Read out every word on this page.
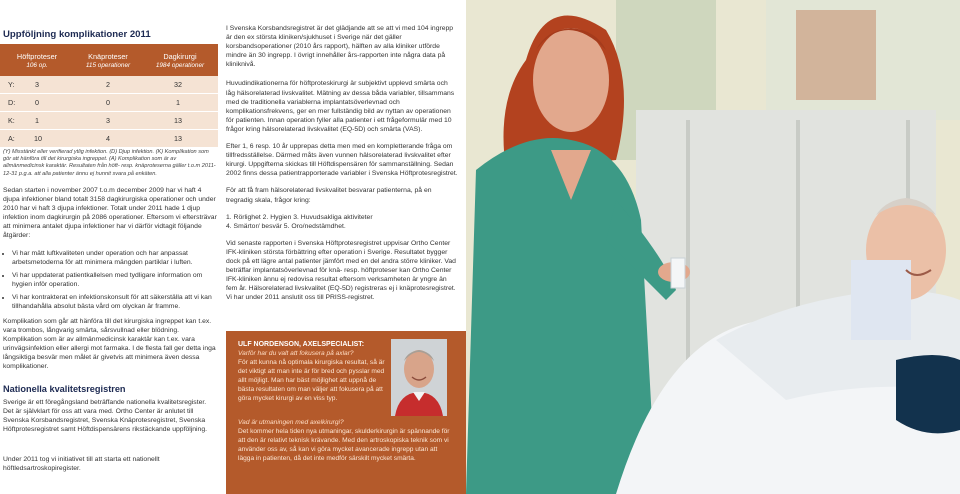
Uppföljning komplikationer 2011
Höftproteser
106 op.
Knäproteser
115 operationer
Dagkirurgi
1984 operationer
Y:	3	2	32
D:	0	0	1
K:	1	3	13
A:	10	4	13
(Y) Misstänkt eller verifierad ytlig infektion. (D) Djup infektion. (K) Komplikation som gör att hänföra till det kirurgiska ingreppet. (A) Komplikation som är av allmänmedicinsk karaktär. Resultaten från höft- resp. knäproteserna gäller t.o.m 2011-12-31 p.g.a. att alla patienter ännu ej hunnit svara på enkäten.
Sedan starten i november 2007 t.o.m december 2009 har vi haft 4 djupa infektioner bland totalt 3158 dagkirurgiska operationer och under 2010 har vi haft 3 djupa infektioner. Totalt under 2011 hade 1 djup infektion inom dagkirurgin på 2086 operationer. Eftersom vi eftersträvar att minimera antalet djupa infektioner har vi därför vidtagit följande åtgärder:
• Vi har mätt luftkvaliteten under operation och har anpassat arbetsmetoderna för att minimera mängden partiklar i luften.
• Vi har uppdaterat patientkallelsen med tydligare information om hygien inför operation.
• Vi har kontrakterat en infektionskonsult för att säkerställa att vi kan tillhandahålla absolut bästa vård om olyckan är framme.
Komplikation som går att hänföra till det kirurgiska ingreppet kan t.ex. vara trombos, långvarig smärta, sårsvullnad eller blödning. Komplikation som är av allmänmedicinsk karaktär kan t.ex. vara urinvägsinfektion eller allergi mot farmaka. I de flesta fall ger detta inga långsiktiga besvär men målet är givetvis att minimera även dessa komplikationer.
Nationella kvalitetsregistren
Sverige är ett föregångsland beträffande nationella kvalitetsregister. Det är självklart för oss att vara med. Ortho Center är anlutet till Svenska Korsbandsregistret, Svenska Knäprotesregistret, Svenska Höftprotesregistret samt Höftdispensärens rikstäckande uppföljning.
Under 2011 tog vi initiativet till att starta ett nationellt höftledsartroskopiregister.

I Svenska Korsbandsregistret är det glädjande att se att vi med 104 ingrepp är den ex största kliniken/sjukhuset i Sverige när det gäller korsbandsoperationer (2010 års rapport), hälften av alla kliniker utförde mindre än 30 ingrepp. I övrigt innehåller års-rapporten inte några data på kliniknivå.

Huvudindikationerna för höftproteskirurgi är subjektivt upplevd smärta och låg hälsorelaterad livskvalitet. Mätning av dessa båda variabler, tillsammans med de traditionella variablerna implantatsöverlevnad och komplikationsfrekvens, ger en mer fullständig bild av nyttan av operationen för patienten. Innan operation fyller alla patienter i ett frågeformulär med 10 frågor kring hälsorelaterad livskvalitet (EQ-5D) och smärta (VAS).

Efter 1, 6 resp. 10 år upprepas detta men med en kompletterande fråga om tillfredsställelse. Därmed måts även vunnen hälsorelaterad livskvalitet efter kirurgi. Uppgifterna skickas till Höftdispensären för sammanställning. Sedan 2002 finns dessa patientrapporterade variabler i Svenska Höftprotesregistret.

För att få fram hälsorelaterad livskvalitet besvarar patienterna, på en tregradig skala, frågor kring:

1. Rörlighet 2. Hygien 3. Huvudsakliga aktiviteter

4. Smärtor/ besvär 5. Oro/nedstämdhet.

Vid senaste rapporten i Svenska Höftprotesregistret uppvisar Ortho Center IFK-kliniken största förbättring efter operation i Sverige. Resultatet bygger dock på ett lägre antal patienter jämfört med en del andra större kliniker. Vad beträffar implantatsöverlevnad för knä- resp. höftproteser kan Ortho Center IFK-kliniken ännu ej redovisa resultat eftersom verksamheten är yngre än fem år. Hälsorelaterad livskvalitet (EQ-5D) registreras ej i knäprotesregistret. Vi har under 2011 anslutit oss till PRISS-registret.

ULF NORDENSON, AXELSPECIALIST:
Varför har du valt att fokusera på axlar?
För att kunna nå optimala kirurgiska resultat, så är det viktigt att man inte är för bred och pysslar med allt möjligt. Man har bäst möjlighet att uppnå de bästa resultaten om man väljer att fokusera på att göra mycket kirurgi av en viss typ.
Vad är utmaningen med axelkirurgi?
Det kommer hela tiden nya utmaningar, skulderkirurgin är spännande för att den är relativt teknisk krävande. Med den artroskopiska teknik som vi använder oss av, så kan vi göra mycket avancerade ingrepp utan att lägga in patienten, då det inte medför särskilt mycket smärta.
